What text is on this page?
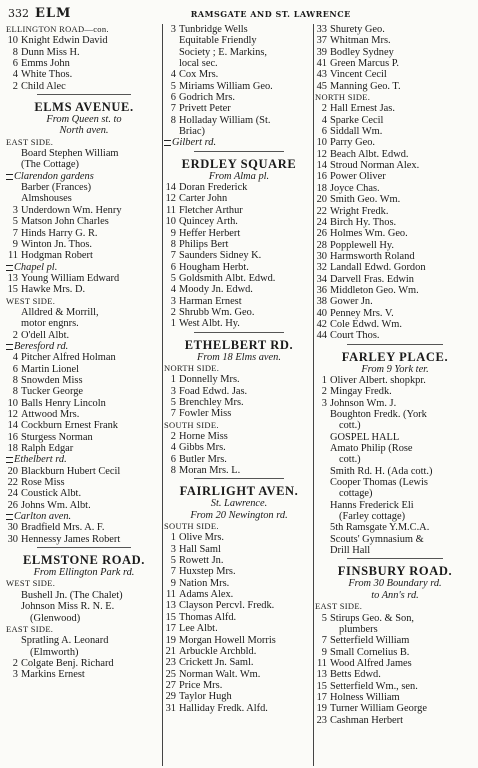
332 ELM	RAMSGATE AND ST. LAWRENCE
ELLINGTON ROAD—con.
10 Knight Edwin David
8 Dunn Miss H.
6 Emms John
4 White Thos.
2 Child Alec
ELMS AVENUE.
From Queen st. to
North aven.
EAST SIDE.
Board Stephen William
(The Cottage)
Clarendon gardens
Barber (Frances)
Almshouses
3 Underdown Wm. Henry
5 Matson John Charles
7 Hinds Harry G. R.
9 Winton Jn. Thos.
11 Hodgman Robert
Chapel pl.
13 Young William Edward
15 Hawke Mrs. D.
WEST SIDE.
Alldred & Morrill,
motor engnrs.
2 O'dell Albt.
Beresford rd.
4 Pitcher Alfred Holman
6 Martin Lionel
8 Snowden Miss
8 Tucker George
10 Balls Henry Lincoln
12 Attwood Mrs.
14 Cockburn Ernest Frank
16 Sturgess Norman
18 Ralph Edgar
Ethelbert rd.
20 Blackburn Hubert Cecil
22 Rose Miss
24 Coustick Albt.
26 Johns Wm. Albt.
Carlton aven.
30 Bradfield Mrs. A. F.
30 Hennessy James Robert
ELMSTONE ROAD.
From Ellington Park rd.
WEST SIDE.
Bushell Jn. (The Chalet)
Johnson Miss R. N. E.
(Glenwood)
EAST SIDE.
Spratling A. Leonard
(Elmworth)
2 Colgate Benj. Richard
3 Markins Ernest
3 Tunbridge Wells
Equitable Friendly
Society ; E. Markins,
local sec.
4 Cox Mrs.
5 Miriams William Geo.
6 Godrich Mrs.
7 Privett Peter
8 Holladay William (St.
Briac)
Gilbert rd.
ERDLEY SQUARE
From Alma pl.
14 Doran Frederick
12 Carter John
11 Fletcher Arthur
10 Quincey Arth.
9 Heffer Herbert
8 Philips Bert
7 Saunders Sidney K.
6 Hougham Herbt.
5 Goldsmith Albt. Edwd.
4 Moody Jn. Edwd.
3 Harman Ernest
2 Shrubb Wm. Geo.
1 West Albt. Hy.
ETHELBERT RD.
From 18 Elms aven.
NORTH SIDE.
1 Donnelly Mrs.
3 Foad Edwd. Jas.
5 Brenchley Mrs.
7 Fowler Miss
SOUTH SIDE.
2 Horne Miss
4 Gibbs Mrs.
6 Butler Mrs.
8 Moran Mrs. L.
FAIRLIGHT AVEN.
St. Lawrence.
From 20 Newington rd.
SOUTH SIDE.
1 Olive Mrs.
3 Hall Saml
5 Rowett Jn.
7 Huxstep Mrs.
9 Nation Mrs.
11 Adams Alex.
13 Clayson Percvl. Fredk.
15 Thomas Alfd.
17 Lee Albt.
19 Morgan Howell Morris
21 Arbuckle Archbld.
23 Crickett Jn. Saml.
25 Norman Walt. Wm.
27 Price Mrs.
29 Taylor Hugh
31 Halliday Fredk. Alfd.
33 Shurety Geo.
37 Whitman Mrs.
39 Bodley Sydney
41 Green Marcus P.
43 Vincent Cecil
45 Manning Geo. T.
NORTH SIDE.
2 Hall Ernest Jas.
4 Sparke Cecil
6 Siddall Wm.
10 Parry Geo.
12 Beach Albt. Edwd.
14 Stroud Norman Alex.
16 Power Oliver
18 Joyce Chas.
20 Smith Geo. Wm.
22 Wright Fredk.
24 Birch Hy. Thos.
26 Holmes Wm. Geo.
28 Popplewell Hy.
30 Harmsworth Roland
32 Landall Edwd. Gordon
34 Darvell Fras. Edwin
36 Middleton Geo. Wm.
38 Gower Jn.
40 Penney Mrs. V.
42 Cole Edwd. Wm.
44 Court Thos.
FARLEY PLACE.
From 9 York ter.
1 Oliver Albert. shopkpr.
2 Mingay Fredk.
3 Johnson Wm. J.
Boughton Fredk. (York
cott.)
GOSPEL HALL
Amato Philip (Rose
cott.)
Smith Rd. H. (Ada cott.)
Cooper Thomas (Lewis
cottage)
Hanns Frederick Eli
(Farley cottage)
5th Ramsgate Y.M.C.A.
Scouts' Gymnasium &
Drill Hall
FINSBURY ROAD.
From 30 Boundary rd.
to Ann's rd.
EAST SIDE.
5 Stirups Geo. & Son,
plumbers
7 Setterfield William
9 Small Cornelius B.
11 Wood Alfred James
13 Betts Edwd.
15 Setterfield Wm., sen.
17 Holness William
19 Turner William George
23 Cashman Herbert
